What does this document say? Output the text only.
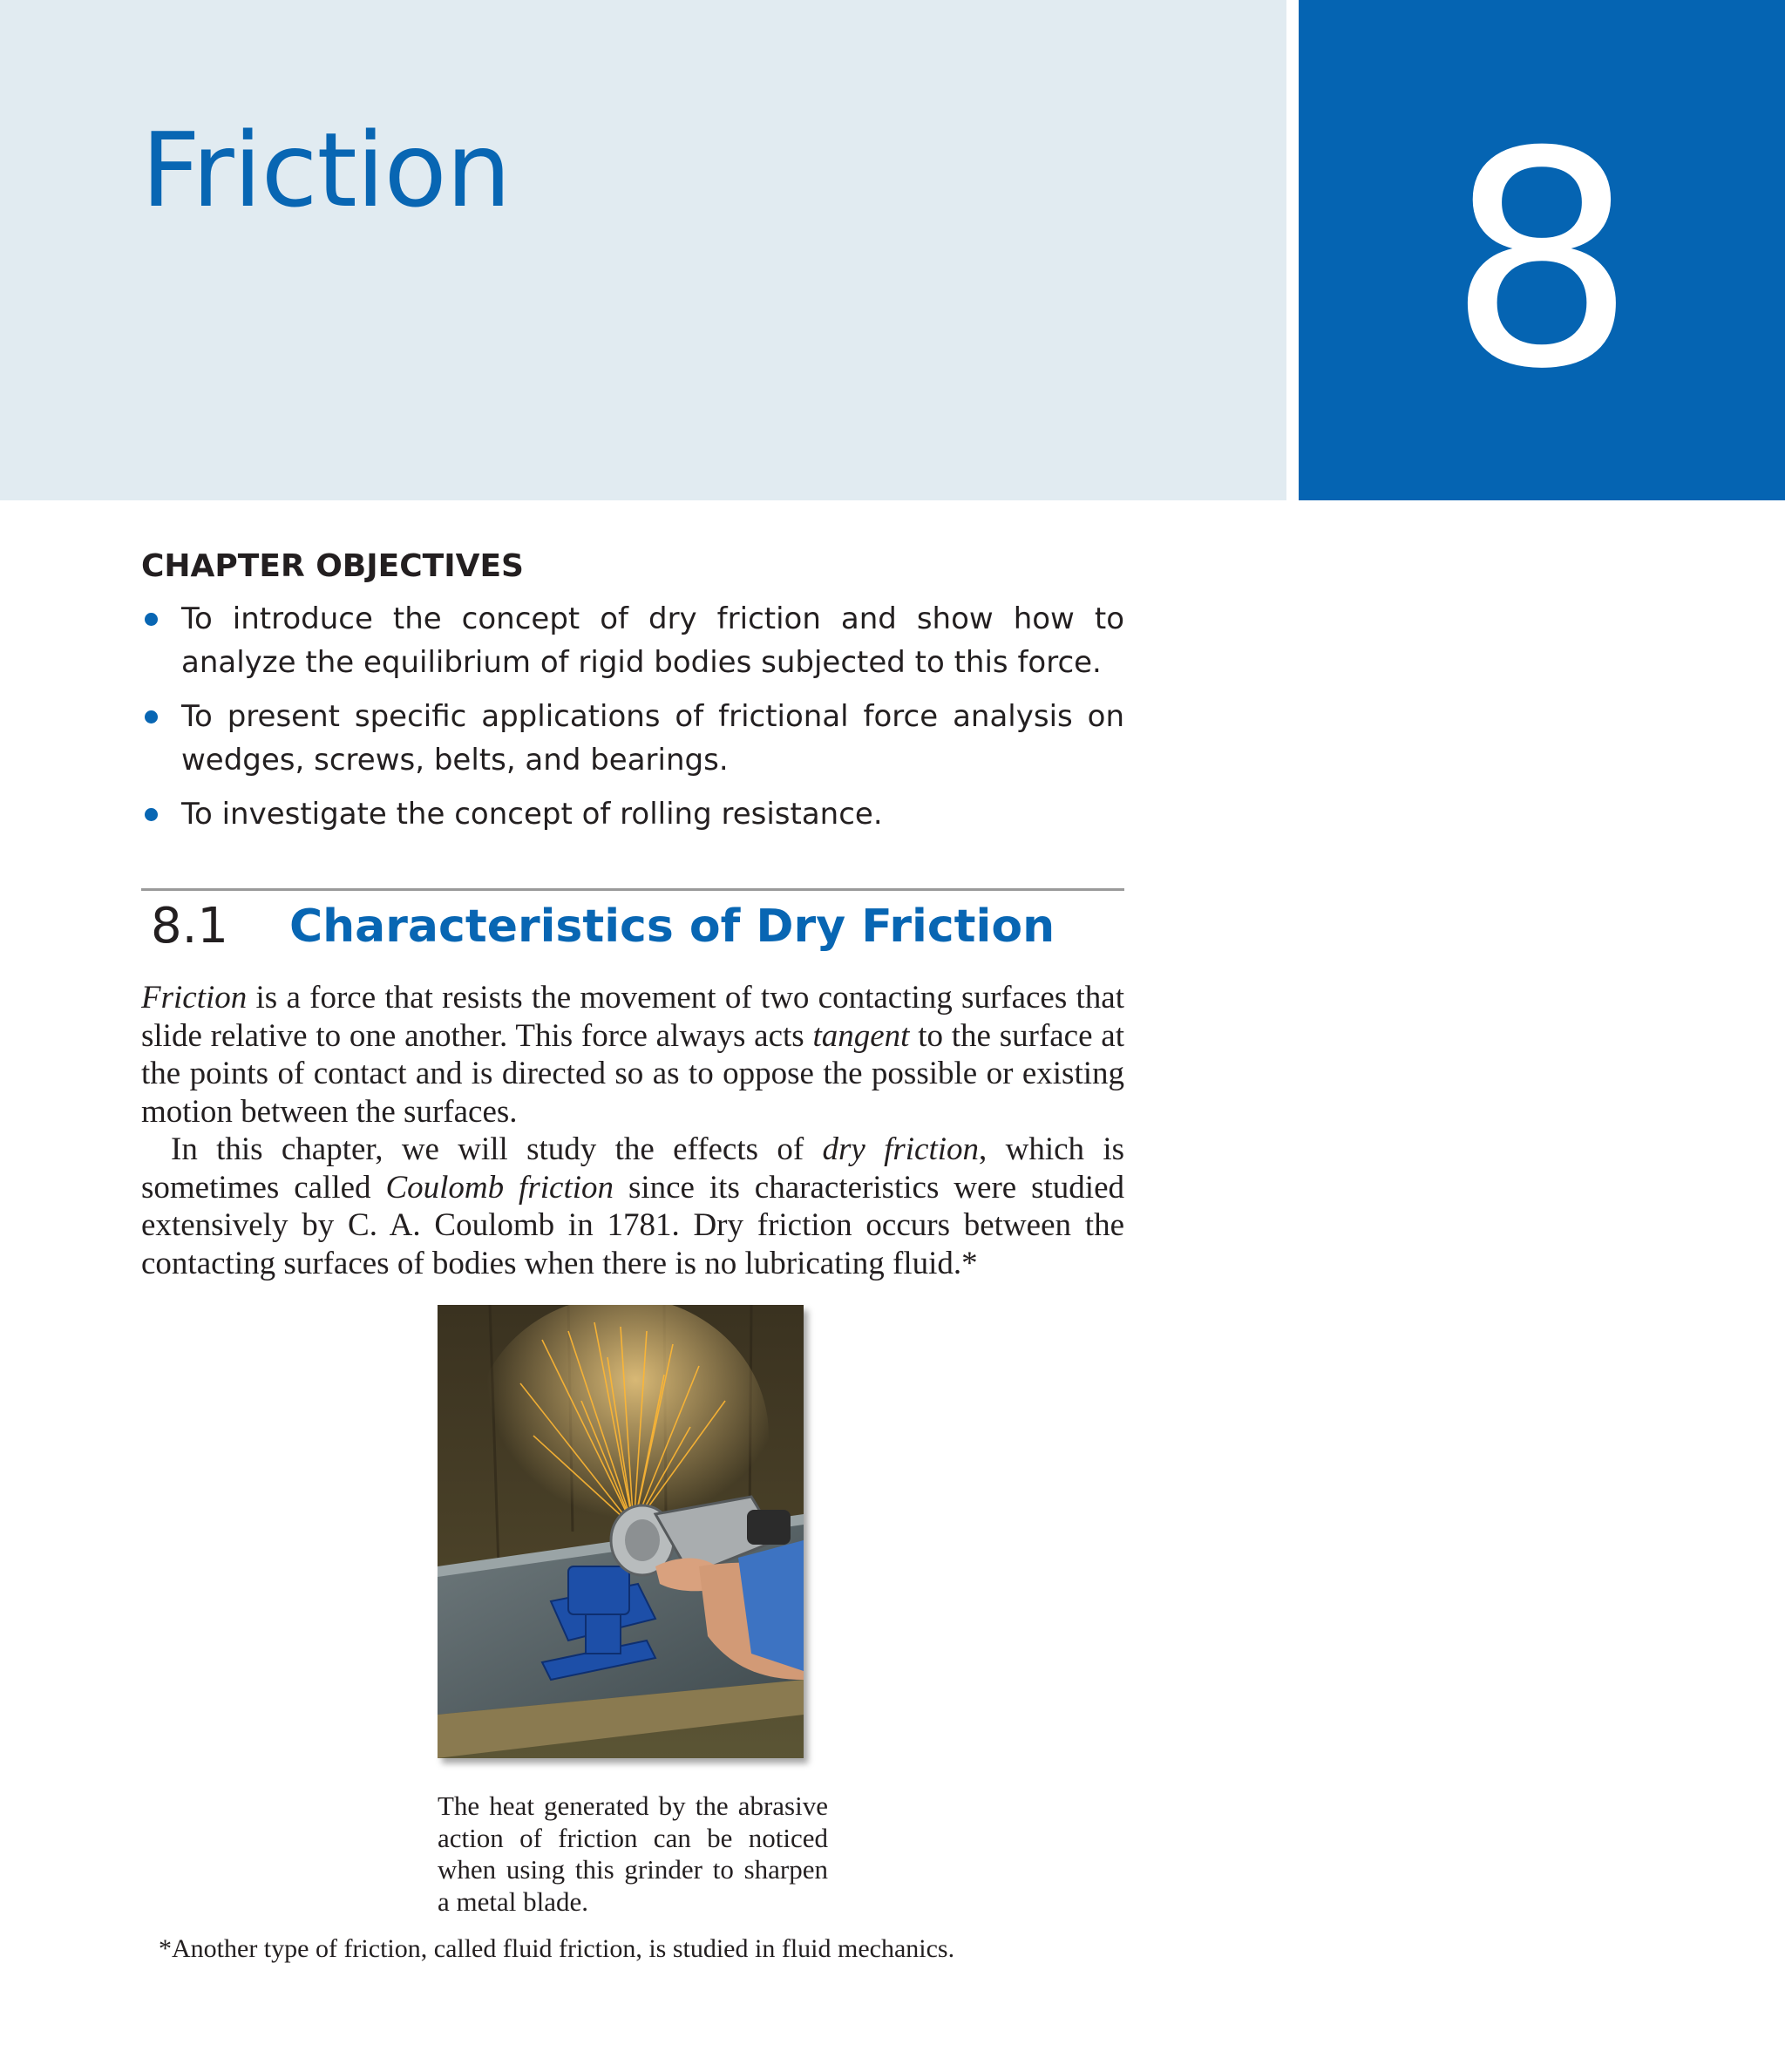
Friction	8
CHAPTER OBJECTIVES
To introduce the concept of dry friction and show how to analyze the equilibrium of rigid bodies subjected to this force.
To present specific applications of frictional force analysis on wedges, screws, belts, and bearings.
To investigate the concept of rolling resistance.
8.1 Characteristics of Dry Friction

Friction is a force that resists the movement of two contacting surfaces that slide relative to one another. This force always acts tangent to the surface at the points of contact and is directed so as to oppose the possible or existing motion between the surfaces.

In this chapter, we will study the effects of dry friction, which is sometimes called Coulomb friction since its characteristics were studied extensively by C. A. Coulomb in 1781. Dry friction occurs between the contacting surfaces of bodies when there is no lubricating fluid.*

The heat generated by the abrasive action of friction can be noticed when using this grinder to sharpen a metal blade.
*Another type of friction, called fluid friction, is studied in fluid mechanics.
